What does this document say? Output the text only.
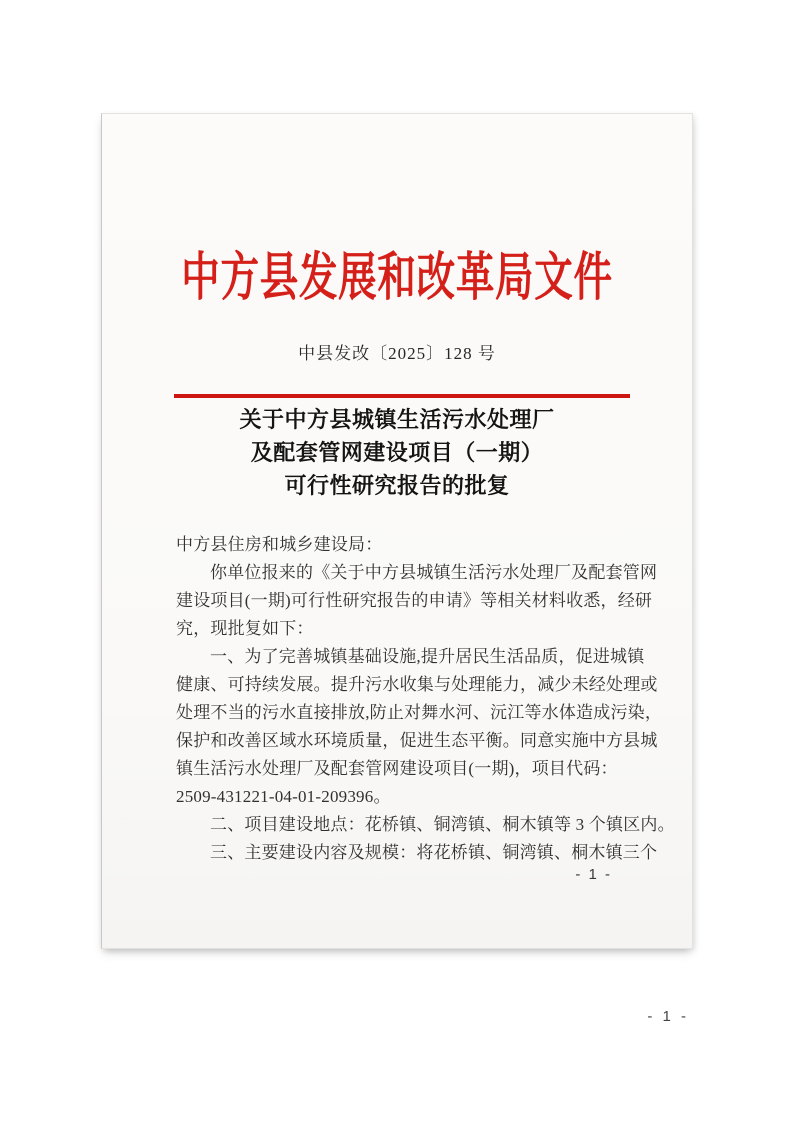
中方县发展和改革局文件
中县发改〔2025〕128 号
关于中方县城镇生活污水处理厂
及配套管网建设项目（一期）
可行性研究报告的批复
中方县住房和城乡建设局：
你单位报来的《关于中方县城镇生活污水处理厂及配套管网
建设项目(一期)可行性研究报告的申请》等相关材料收悉，经研
究，现批复如下：
一、为了完善城镇基础设施,提升居民生活品质，促进城镇
健康、可持续发展。提升污水收集与处理能力，减少未经处理或
处理不当的污水直接排放,防止对舞水河、沅江等水体造成污染，
保护和改善区域水环境质量，促进生态平衡。同意实施中方县城
镇生活污水处理厂及配套管网建设项目(一期)，项目代码：
2509-431221-04-01-209396。
二、项目建设地点：花桥镇、铜湾镇、桐木镇等 3 个镇区内。
三、主要建设内容及规模：将花桥镇、铜湾镇、桐木镇三个
- 1 -
- 1 -
